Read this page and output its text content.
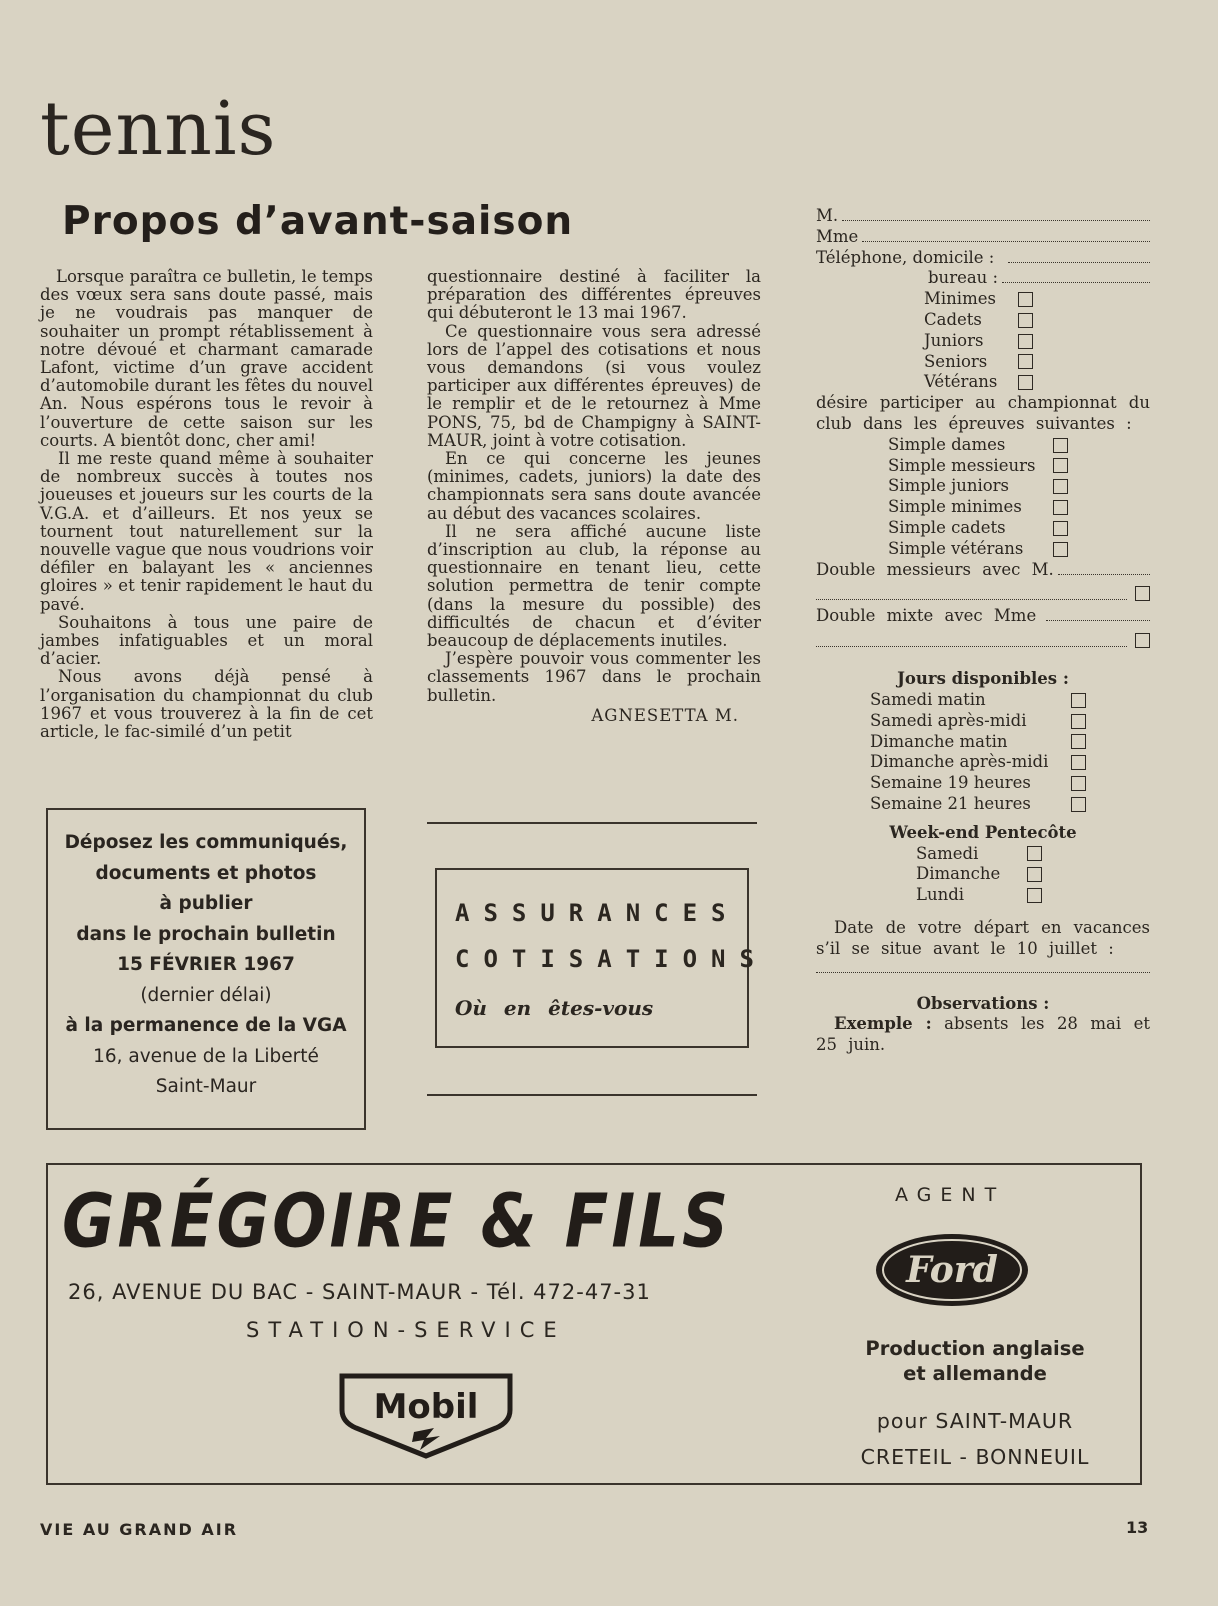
tennis
Propos d’avant-saison

Lorsque paraîtra ce bulletin, le temps des vœux sera sans doute passé, mais je ne voudrais pas manquer de souhaiter un prompt rétablissement à notre dévoué et charmant camarade Lafont, victime d’un grave accident d’automobile durant les fêtes du nouvel An. Nous espérons tous le revoir à l’ouverture de cette saison sur les courts. A bientôt donc, cher ami!

Il me reste quand même à souhaiter de nombreux succès à toutes nos joueuses et joueurs sur les courts de la V.G.A. et d’ailleurs. Et nos yeux se tournent tout naturellement sur la nouvelle vague que nous voudrions voir défiler en balayant les « anciennes gloires » et tenir rapidement le haut du pavé.

Souhaitons à tous une paire de jambes infatiguables et un moral d’acier.

Nous avons déjà pensé à l’organisation du championnat du club 1967 et vous trouverez à la fin de cet article, le fac-similé d’un petit

questionnaire destiné à faciliter la préparation des différentes épreuves qui débuteront le 13 mai 1967.

Ce questionnaire vous sera adressé lors de l’appel des cotisations et nous vous demandons (si vous voulez participer aux différentes épreuves) de le remplir et de le retournez à Mme PONS, 75, bd de Champigny à SAINT-MAUR, joint à votre cotisation.

En ce qui concerne les jeunes (minimes, cadets, juniors) la date des championnats sera sans doute avancée au début des vacances scolaires.

Il ne sera affiché aucune liste d’inscription au club, la réponse au questionnaire en tenant lieu, cette solution permettra de tenir compte (dans la mesure du possible) des difficultés de chacun et d’éviter beaucoup de déplacements inutiles.

J’espère pouvoir vous commenter les classements 1967 dans le prochain bulletin.

AGNESETTA M.
Déposez les communiqués,
documents et photos
à publier
dans le prochain bulletin
15 FÉVRIER 1967
(dernier délai)
à la permanence de la VGA
16, avenue de la Liberté
Saint-Maur
ASSURANCES
COTISATIONS
Où en êtes-vous
M.
Mme
Téléphone, domicile :
bureau :
Minimes
Cadets
Juniors
Seniors
Vétérans
désire participer au championnat du club dans les épreuves suivantes :
Simple dames
Simple messieurs
Simple juniors
Simple minimes
Simple cadets
Simple vétérans
Double messieurs avec M.
Double mixte avec Mme
Jours disponibles :
Samedi matin
Samedi après-midi
Dimanche matin
Dimanche après-midi
Semaine 19 heures
Semaine 21 heures
Week-end Pentecôte
Samedi
Dimanche
Lundi
Date de votre départ en vacances s’il se situe avant le 10 juillet :
Observations :
Exemple : absents les 28 mai et 25 juin.
GRÉGOIRE & FILS
26, AVENUE DU BAC - SAINT-MAUR - Tél. 472-47-31
STATION-SERVICE
Mobil
AGENT
Ford
Production anglaise
et allemande
pour SAINT-MAUR
CRETEIL - BONNEUIL
VIE AU GRAND AIR	13
